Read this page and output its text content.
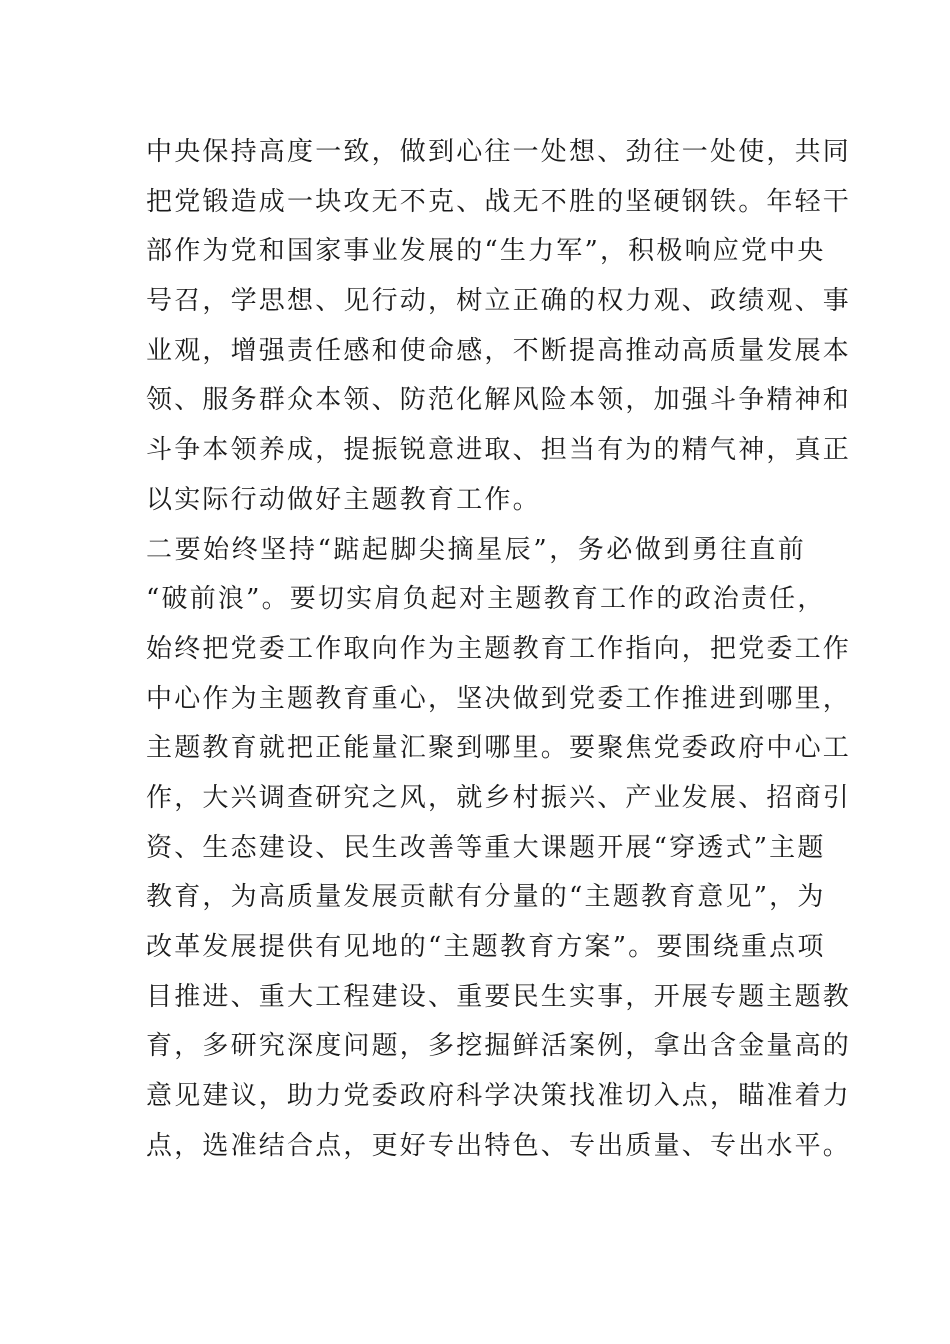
中央保持高度一致，做到心往一处想、劲往一处使，共同
把党锻造成一块攻无不克、战无不胜的坚硬钢铁。年轻干
部作为党和国家事业发展的“生力军”，积极响应党中央
号召，学思想、见行动，树立正确的权力观、政绩观、事
业观，增强责任感和使命感，不断提高推动高质量发展本
领、服务群众本领、防范化解风险本领，加强斗争精神和
斗争本领养成，提振锐意进取、担当有为的精气神，真正
以实际行动做好主题教育工作。
二要始终坚持“踮起脚尖摘星辰”，务必做到勇往直前
“破前浪”。要切实肩负起对主题教育工作的政治责任，
始终把党委工作取向作为主题教育工作指向，把党委工作
中心作为主题教育重心，坚决做到党委工作推进到哪里，
主题教育就把正能量汇聚到哪里。要聚焦党委政府中心工
作，大兴调查研究之风，就乡村振兴、产业发展、招商引
资、生态建设、民生改善等重大课题开展“穿透式”主题
教育，为高质量发展贡献有分量的“主题教育意见”，为
改革发展提供有见地的“主题教育方案”。要围绕重点项
目推进、重大工程建设、重要民生实事，开展专题主题教
育，多研究深度问题，多挖掘鲜活案例，拿出含金量高的
意见建议，助力党委政府科学决策找准切入点，瞄准着力
点，选准结合点，更好专出特色、专出质量、专出水平。
